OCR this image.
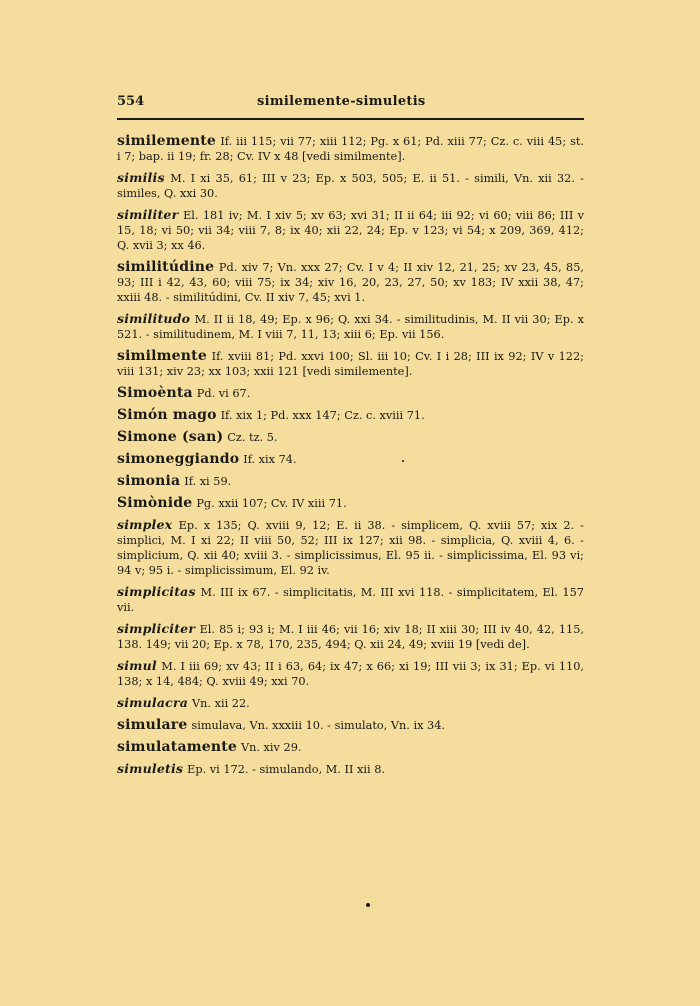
554	similemente-simuletis

similemente If. iii 115; vii 77; xiii 112; Pg. x 61; Pd. xiii 77; Cz. c. viii 45; st. i 7; bap. ii 19; fr. 28; Cv. IV x 48 [vedi similmente].

similis M. I xi 35, 61; III v 23; Ep. x 503, 505; E. ii 51. - simili, Vn. xii 32. - similes, Q. xxi 30.

similiter El. 181 iv; M. I xiv 5; xv 63; xvi 31; II ii 64; iii 92; vi 60; viii 86; III v 15, 18; vi 50; vii 34; viii 7, 8; ix 40; xii 22, 24; Ep. v 123; vi 54; x 209, 369, 412; Q. xvii 3; xx 46.

similitúdine Pd. xiv 7; Vn. xxx 27; Cv. I v 4; II xiv 12, 21, 25; xv 23, 45, 85, 93; III i 42, 43, 60; viii 75; ix 34; xiv 16, 20, 23, 27, 50; xv 183; IV xxii 38, 47; xxiii 48. - similitúdini, Cv. II xiv 7, 45; xvi 1.

similitudo M. II ii 18, 49; Ep. x 96; Q. xxi 34. - similitudinis, M. II vii 30; Ep. x 521. - similitudinem, M. I viii 7, 11, 13; xiii 6; Ep. vii 156.

similmente If. xviii 81; Pd. xxvi 100; Sl. iii 10; Cv. I i 28; III ix 92; IV v 122; viii 131; xiv 23; xx 103; xxii 121 [vedi similemente].

Simoènta Pd. vi 67.

Simón mago If. xix 1; Pd. xxx 147; Cz. c. xviii 71.

Simone (san) Cz. tz. 5.

simoneggiando If. xix 74.

simonia If. xi 59.

Simònide Pg. xxii 107; Cv. IV xiii 71.

simplex Ep. x 135; Q. xviii 9, 12; E. ii 38. - simplicem, Q. xviii 57; xix 2. - simplici, M. I xi 22; II viii 50, 52; III ix 127; xii 98. - simplicia, Q. xviii 4, 6. - simplicium, Q. xii 40; xviii 3. - simplicissimus, El. 95 ii. - simplicissima, El. 93 vi; 94 v; 95 i. - simplicissimum, El. 92 iv.

simplicitas M. III ix 67. - simplicitatis, M. III xvi 118. - simplicitatem, El. 157 vii.

simpliciter El. 85 i; 93 i; M. I iii 46; vii 16; xiv 18; II xiii 30; III iv 40, 42, 115, 138. 149; vii 20; Ep. x 78, 170, 235, 494; Q. xii 24, 49; xviii 19 [vedi de].

simul M. I iii 69; xv 43; II i 63, 64; ix 47; x 66; xi 19; III vii 3; ix 31; Ep. vi 110, 138; x 14, 484; Q. xviii 49; xxi 70.

simulacra Vn. xii 22.

simulare simulava, Vn. xxxiii 10. - simulato, Vn. ix 34.

simulatamente Vn. xiv 29.

simuletis Ep. vi 172. - simulando, M. II xii 8.
